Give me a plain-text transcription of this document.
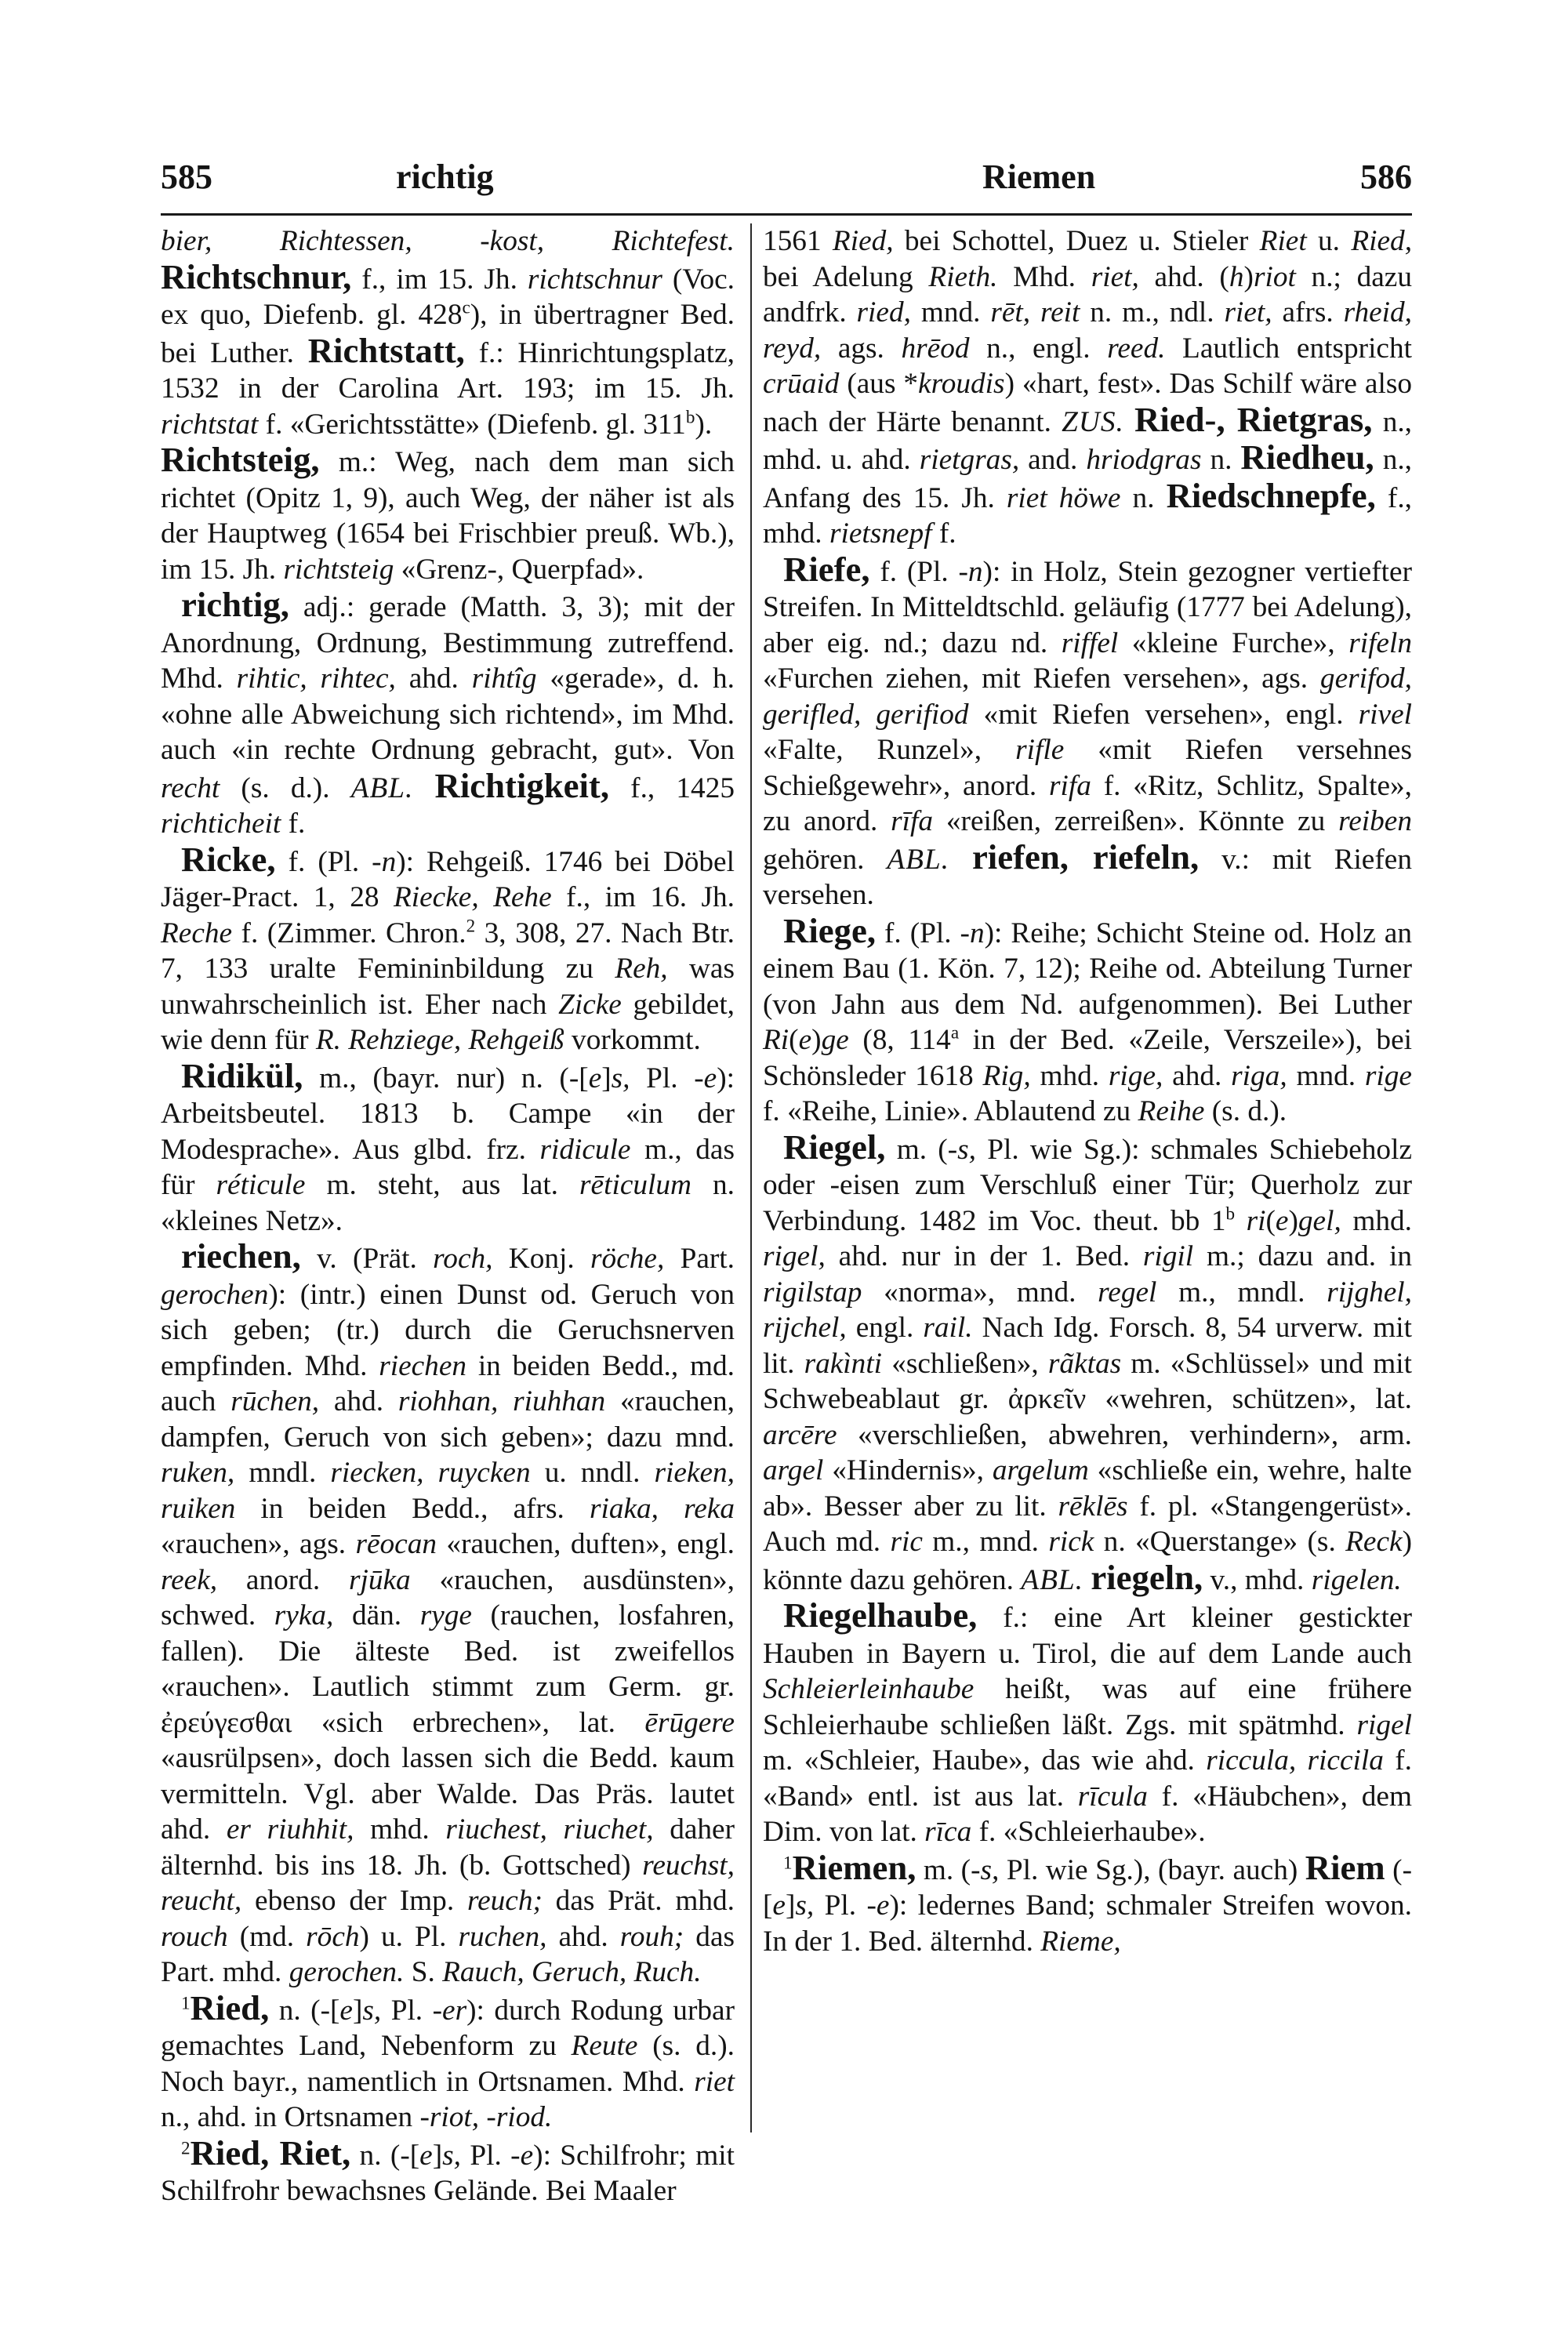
585	richtig	Riemen	586

bier, Richtessen, -kost, Richtefest. Richtschnur, f., im 15. Jh. richtschnur (Voc. ex quo, Diefenb. gl. 428$^c$), in übertragner Bed. bei Luther. Richtstatt, f.: Hinrichtungsplatz, 1532 in der Carolina Art. 193; im 15. Jh. richtstat f. «Gerichtsstätte» (Diefenb. gl. 311$^b$).

Richtsteig, m.: Weg, nach dem man sich richtet (Opitz 1, 9), auch Weg, der näher ist als der Hauptweg (1654 bei Frischbier preuß. Wb.), im 15. Jh. richtsteig «Grenz-, Querpfad».

richtig, adj.: gerade (Matth. 3, 3); mit der Anordnung, Ordnung, Bestimmung zutreffend. Mhd. rihtic, rihtec, ahd. rihtîg «gerade», d. h. «ohne alle Abweichung sich richtend», im Mhd. auch «in rechte Ordnung gebracht, gut». Von recht (s. d.). ABL. Richtigkeit, f., 1425 richticheit f.

Ricke, f. (Pl. -n): Rehgeiß. 1746 bei Döbel Jäger-Pract. 1, 28 Riecke, Rehe f., im 16. Jh. Reche f. (Zimmer. Chron.$^2$ 3, 308, 27. Nach Btr. 7, 133 uralte Femininbildung zu Reh, was unwahrscheinlich ist. Eher nach Zicke gebildet, wie denn für R. Rehziege, Rehgeiß vorkommt.

Ridikül, m., (bayr. nur) n. (-[e]s, Pl. -e): Arbeitsbeutel. 1813 b. Campe «in der Modesprache». Aus glbd. frz. ridicule m., das für réticule m. steht, aus lat. rēticulum n. «kleines Netz».

riechen, v. (Prät. roch, Konj. röche, Part. gerochen): (intr.) einen Dunst od. Geruch von sich geben; (tr.) durch die Geruchsnerven empfinden. Mhd. riechen in beiden Bedd., md. auch rūchen, ahd. riohhan, riuhhan «rauchen, dampfen, Geruch von sich geben»; dazu mnd. ruken, mndl. riecken, ruycken u. nndl. rieken, ruiken in beiden Bedd., afrs. riaka, reka «rauchen», ags. rēocan «rauchen, duften», engl. reek, anord. rjūka «rauchen, ausdünsten», schwed. ryka, dän. ryge (rauchen, losfahren, fallen). Die älteste Bed. ist zweifellos «rauchen». Lautlich stimmt zum Germ. gr. ἐρεύγεσθαι «sich erbrechen», lat. ērūgere «ausrülpsen», doch lassen sich die Bedd. kaum vermitteln. Vgl. aber Walde. Das Präs. lautet ahd. er riuhhit, mhd. riuchest, riuchet, daher älternhd. bis ins 18. Jh. (b. Gottsched) reuchst, reucht, ebenso der Imp. reuch; das Prät. mhd. rouch (md. rōch) u. Pl. ruchen, ahd. rouh; das Part. mhd. gerochen. S. Rauch, Geruch, Ruch.

$^1$Ried, n. (-[e]s, Pl. -er): durch Rodung urbar gemachtes Land, Nebenform zu Reute (s. d.). Noch bayr., namentlich in Ortsnamen. Mhd. riet n., ahd. in Ortsnamen -riot, -riod.

$^2$Ried, Riet, n. (-[e]s, Pl. -e): Schilfrohr; mit Schilfrohr bewachsnes Gelände. Bei Maaler

1561 Ried, bei Schottel, Duez u. Stieler Riet u. Ried, bei Adelung Rieth. Mhd. riet, ahd. (h)riot n.; dazu andfrk. ried, mnd. rēt, reit n. m., ndl. riet, afrs. rheid, reyd, ags. hrēod n., engl. reed. Lautlich entspricht crūaid (aus *kroudis) «hart, fest». Das Schilf wäre also nach der Härte benannt. ZUS. Ried-, Rietgras, n., mhd. u. ahd. rietgras, and. hriodgras n. Riedheu, n., Anfang des 15. Jh. riet höwe n. Riedschnepfe, f., mhd. rietsnepf f.

Riefe, f. (Pl. -n): in Holz, Stein gezogner vertiefter Streifen. In Mitteldtschld. geläufig (1777 bei Adelung), aber eig. nd.; dazu nd. riffel «kleine Furche», rifeln «Furchen ziehen, mit Riefen versehen», ags. gerifod, gerifled, gerifiod «mit Riefen versehen», engl. rivel «Falte, Runzel», rifle «mit Riefen versehnes Schießgewehr», anord. rifa f. «Ritz, Schlitz, Spalte», zu anord. rīfa «reißen, zerreißen». Könnte zu reiben gehören. ABL. riefen, riefeln, v.: mit Riefen versehen.

Riege, f. (Pl. -n): Reihe; Schicht Steine od. Holz an einem Bau (1. Kön. 7, 12); Reihe od. Abteilung Turner (von Jahn aus dem Nd. aufgenommen). Bei Luther Ri(e)ge (8, 114$^a$ in der Bed. «Zeile, Verszeile»), bei Schönsleder 1618 Rig, mhd. rige, ahd. riga, mnd. rige f. «Reihe, Linie». Ablautend zu Reihe (s. d.).

Riegel, m. (-s, Pl. wie Sg.): schmales Schiebeholz oder -eisen zum Verschluß einer Tür; Querholz zur Verbindung. 1482 im Voc. theut. bb 1$^b$ ri(e)gel, mhd. rigel, ahd. nur in der 1. Bed. rigil m.; dazu and. in rigilstap «norma», mnd. regel m., mndl. rijghel, rijchel, engl. rail. Nach Idg. Forsch. 8, 54 urverw. mit lit. rakìnti «schließen», rãktas m. «Schlüssel» und mit Schwebeablaut gr. ἀρκεῖν «wehren, schützen», lat. arcēre «verschließen, abwehren, verhindern», arm. argel «Hindernis», argelum «schließe ein, wehre, halte ab». Besser aber zu lit. rēklēs f. pl. «Stangengerüst». Auch md. ric m., mnd. rick n. «Querstange» (s. Reck) könnte dazu gehören. ABL. riegeln, v., mhd. rigelen.

Riegelhaube, f.: eine Art kleiner gestickter Hauben in Bayern u. Tirol, die auf dem Lande auch Schleierleinhaube heißt, was auf eine frühere Schleierhaube schließen läßt. Zgs. mit spätmhd. rigel m. «Schleier, Haube», das wie ahd. riccula, riccila f. «Band» entl. ist aus lat. rīcula f. «Häubchen», dem Dim. von lat. rīca f. «Schleierhaube».

$^1$Riemen, m. (-s, Pl. wie Sg.), (bayr. auch) Riem (-[e]s, Pl. -e): ledernes Band; schmaler Streifen wovon. In der 1. Bed. älternhd. Rieme,
